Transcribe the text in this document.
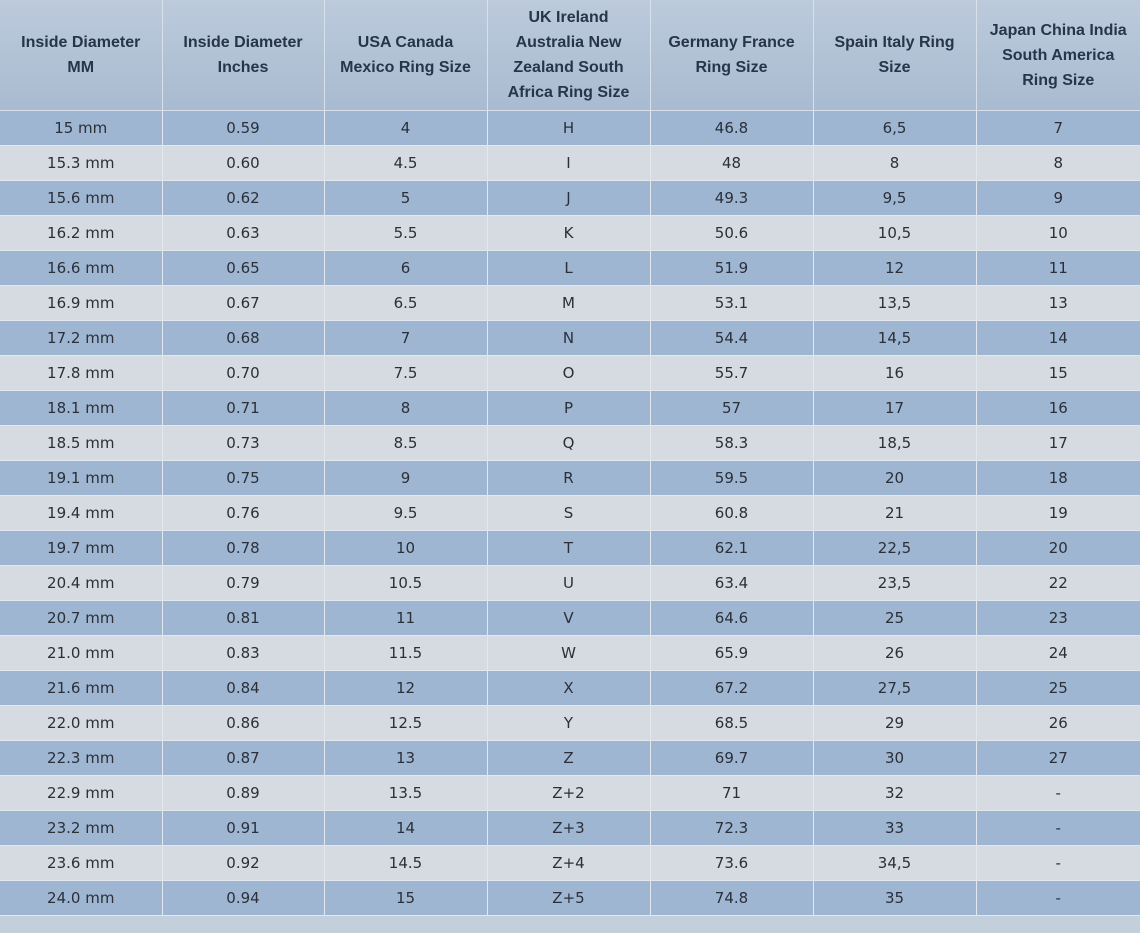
Inside Diameter MM	Inside Diameter Inches	USA Canada Mexico Ring Size	UK Ireland Australia New Zealand South Africa Ring Size	Germany France Ring Size	Spain Italy Ring Size	Japan China India South America Ring Size
15 mm	0.59	4	H	46.8	6,5	7
15.3 mm	0.60	4.5	I	48	8	8
15.6 mm	0.62	5	J	49.3	9,5	9
16.2 mm	0.63	5.5	K	50.6	10,5	10
16.6 mm	0.65	6	L	51.9	12	11
16.9 mm	0.67	6.5	M	53.1	13,5	13
17.2 mm	0.68	7	N	54.4	14,5	14
17.8 mm	0.70	7.5	O	55.7	16	15
18.1 mm	0.71	8	P	57	17	16
18.5 mm	0.73	8.5	Q	58.3	18,5	17
19.1 mm	0.75	9	R	59.5	20	18
19.4 mm	0.76	9.5	S	60.8	21	19
19.7 mm	0.78	10	T	62.1	22,5	20
20.4 mm	0.79	10.5	U	63.4	23,5	22
20.7 mm	0.81	11	V	64.6	25	23
21.0 mm	0.83	11.5	W	65.9	26	24
21.6 mm	0.84	12	X	67.2	27,5	25
22.0 mm	0.86	12.5	Y	68.5	29	26
22.3 mm	0.87	13	Z	69.7	30	27
22.9 mm	0.89	13.5	Z+2	71	32	-
23.2 mm	0.91	14	Z+3	72.3	33	-
23.6 mm	0.92	14.5	Z+4	73.6	34,5	-
24.0 mm	0.94	15	Z+5	74.8	35	-
